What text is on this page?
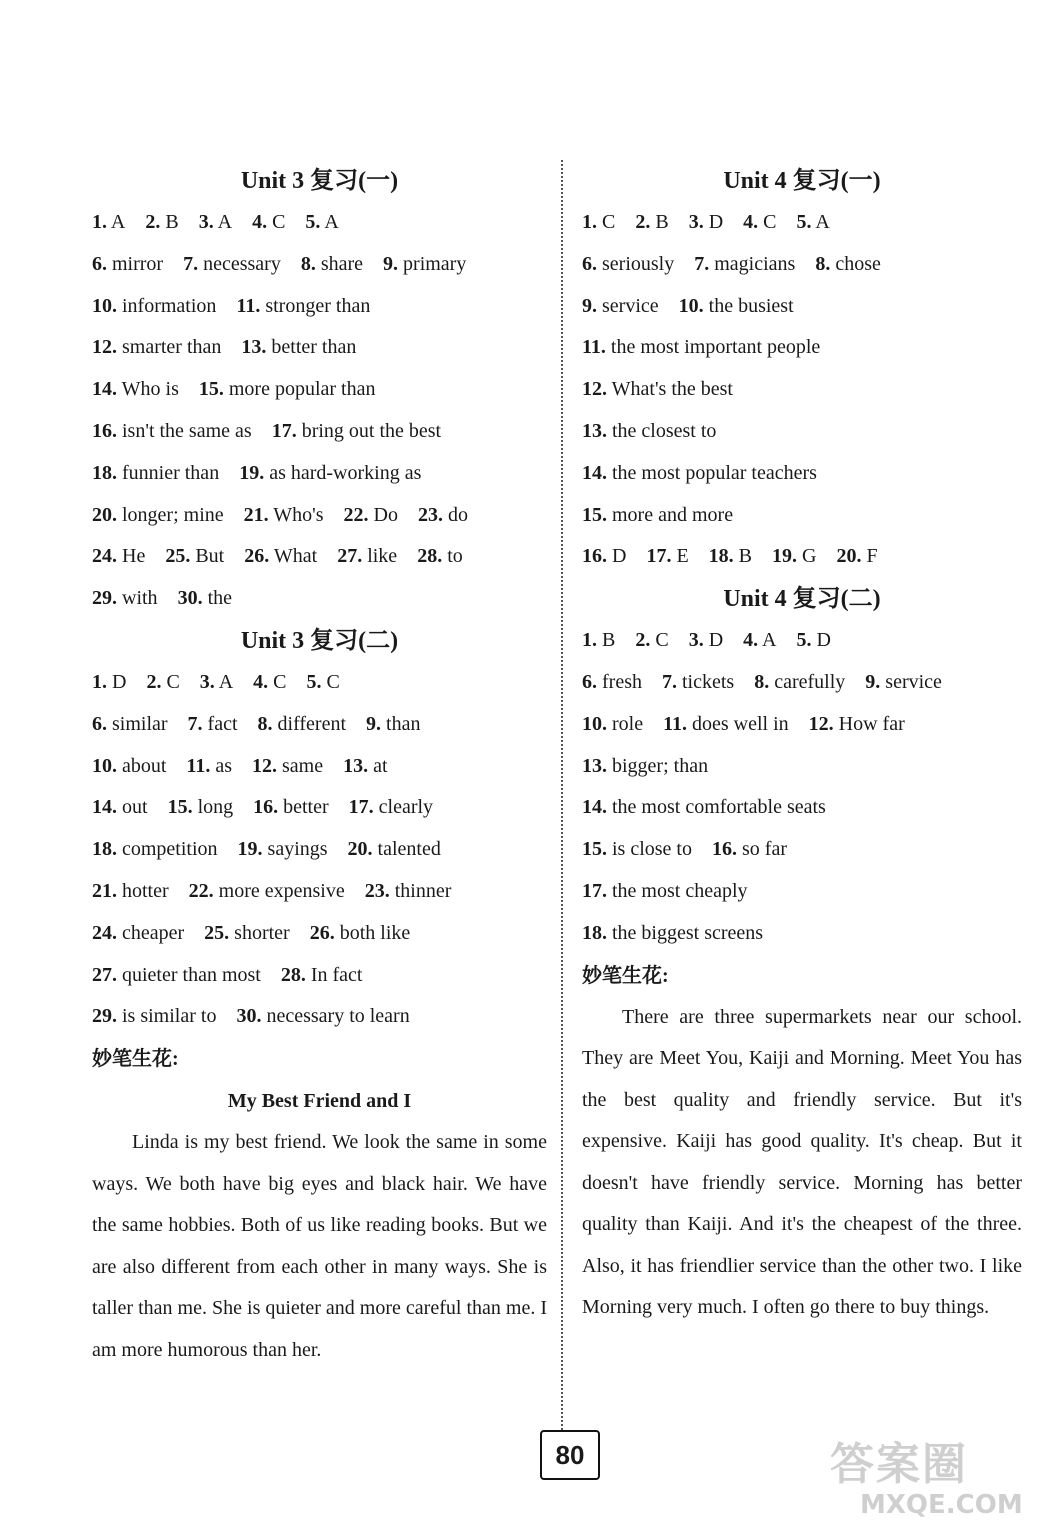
Unit 3 复习(一)
1. A 2. B 3. A 4. C 5. A
6. mirror 7. necessary 8. share 9. primary
10. information 11. stronger than
12. smarter than 13. better than
14. Who is 15. more popular than
16. isn't the same as 17. bring out the best
18. funnier than 19. as hard-working as
20. longer; mine 21. Who's 22. Do 23. do
24. He 25. But 26. What 27. like 28. to
29. with 30. the
Unit 3 复习(二)
1. D 2. C 3. A 4. C 5. C
6. similar 7. fact 8. different 9. than
10. about 11. as 12. same 13. at
14. out 15. long 16. better 17. clearly
18. competition 19. sayings 20. talented
21. hotter 22. more expensive 23. thinner
24. cheaper 25. shorter 26. both like
27. quieter than most 28. In fact
29. is similar to 30. necessary to learn
妙笔生花:
My Best Friend and I

Linda is my best friend. We look the same in some ways. We both have big eyes and black hair. We have the same hobbies. Both of us like reading books. But we are also different from each other in many ways. She is taller than me. She is quieter and more careful than me. I am more humorous than her.

Unit 4 复习(一)
1. C 2. B 3. D 4. C 5. A
6. seriously 7. magicians 8. chose
9. service 10. the busiest
11. the most important people
12. What's the best
13. the closest to
14. the most popular teachers
15. more and more
16. D 17. E 18. B 19. G 20. F
Unit 4 复习(二)
1. B 2. C 3. D 4. A 5. D
6. fresh 7. tickets 8. carefully 9. service
10. role 11. does well in 12. How far
13. bigger; than
14. the most comfortable seats
15. is close to 16. so far
17. the most cheaply
18. the biggest screens
妙笔生花:

There are three supermarkets near our school. They are Meet You, Kaiji and Morning. Meet You has the best quality and friendly service. But it's expensive. Kaiji has good quality. It's cheap. But it doesn't have friendly service. Morning has better quality than Kaiji. And it's the cheapest of the three. Also, it has friendlier service than the other two. I like Morning very much. I often go there to buy things.

80	答案圈
MXQE.COM
